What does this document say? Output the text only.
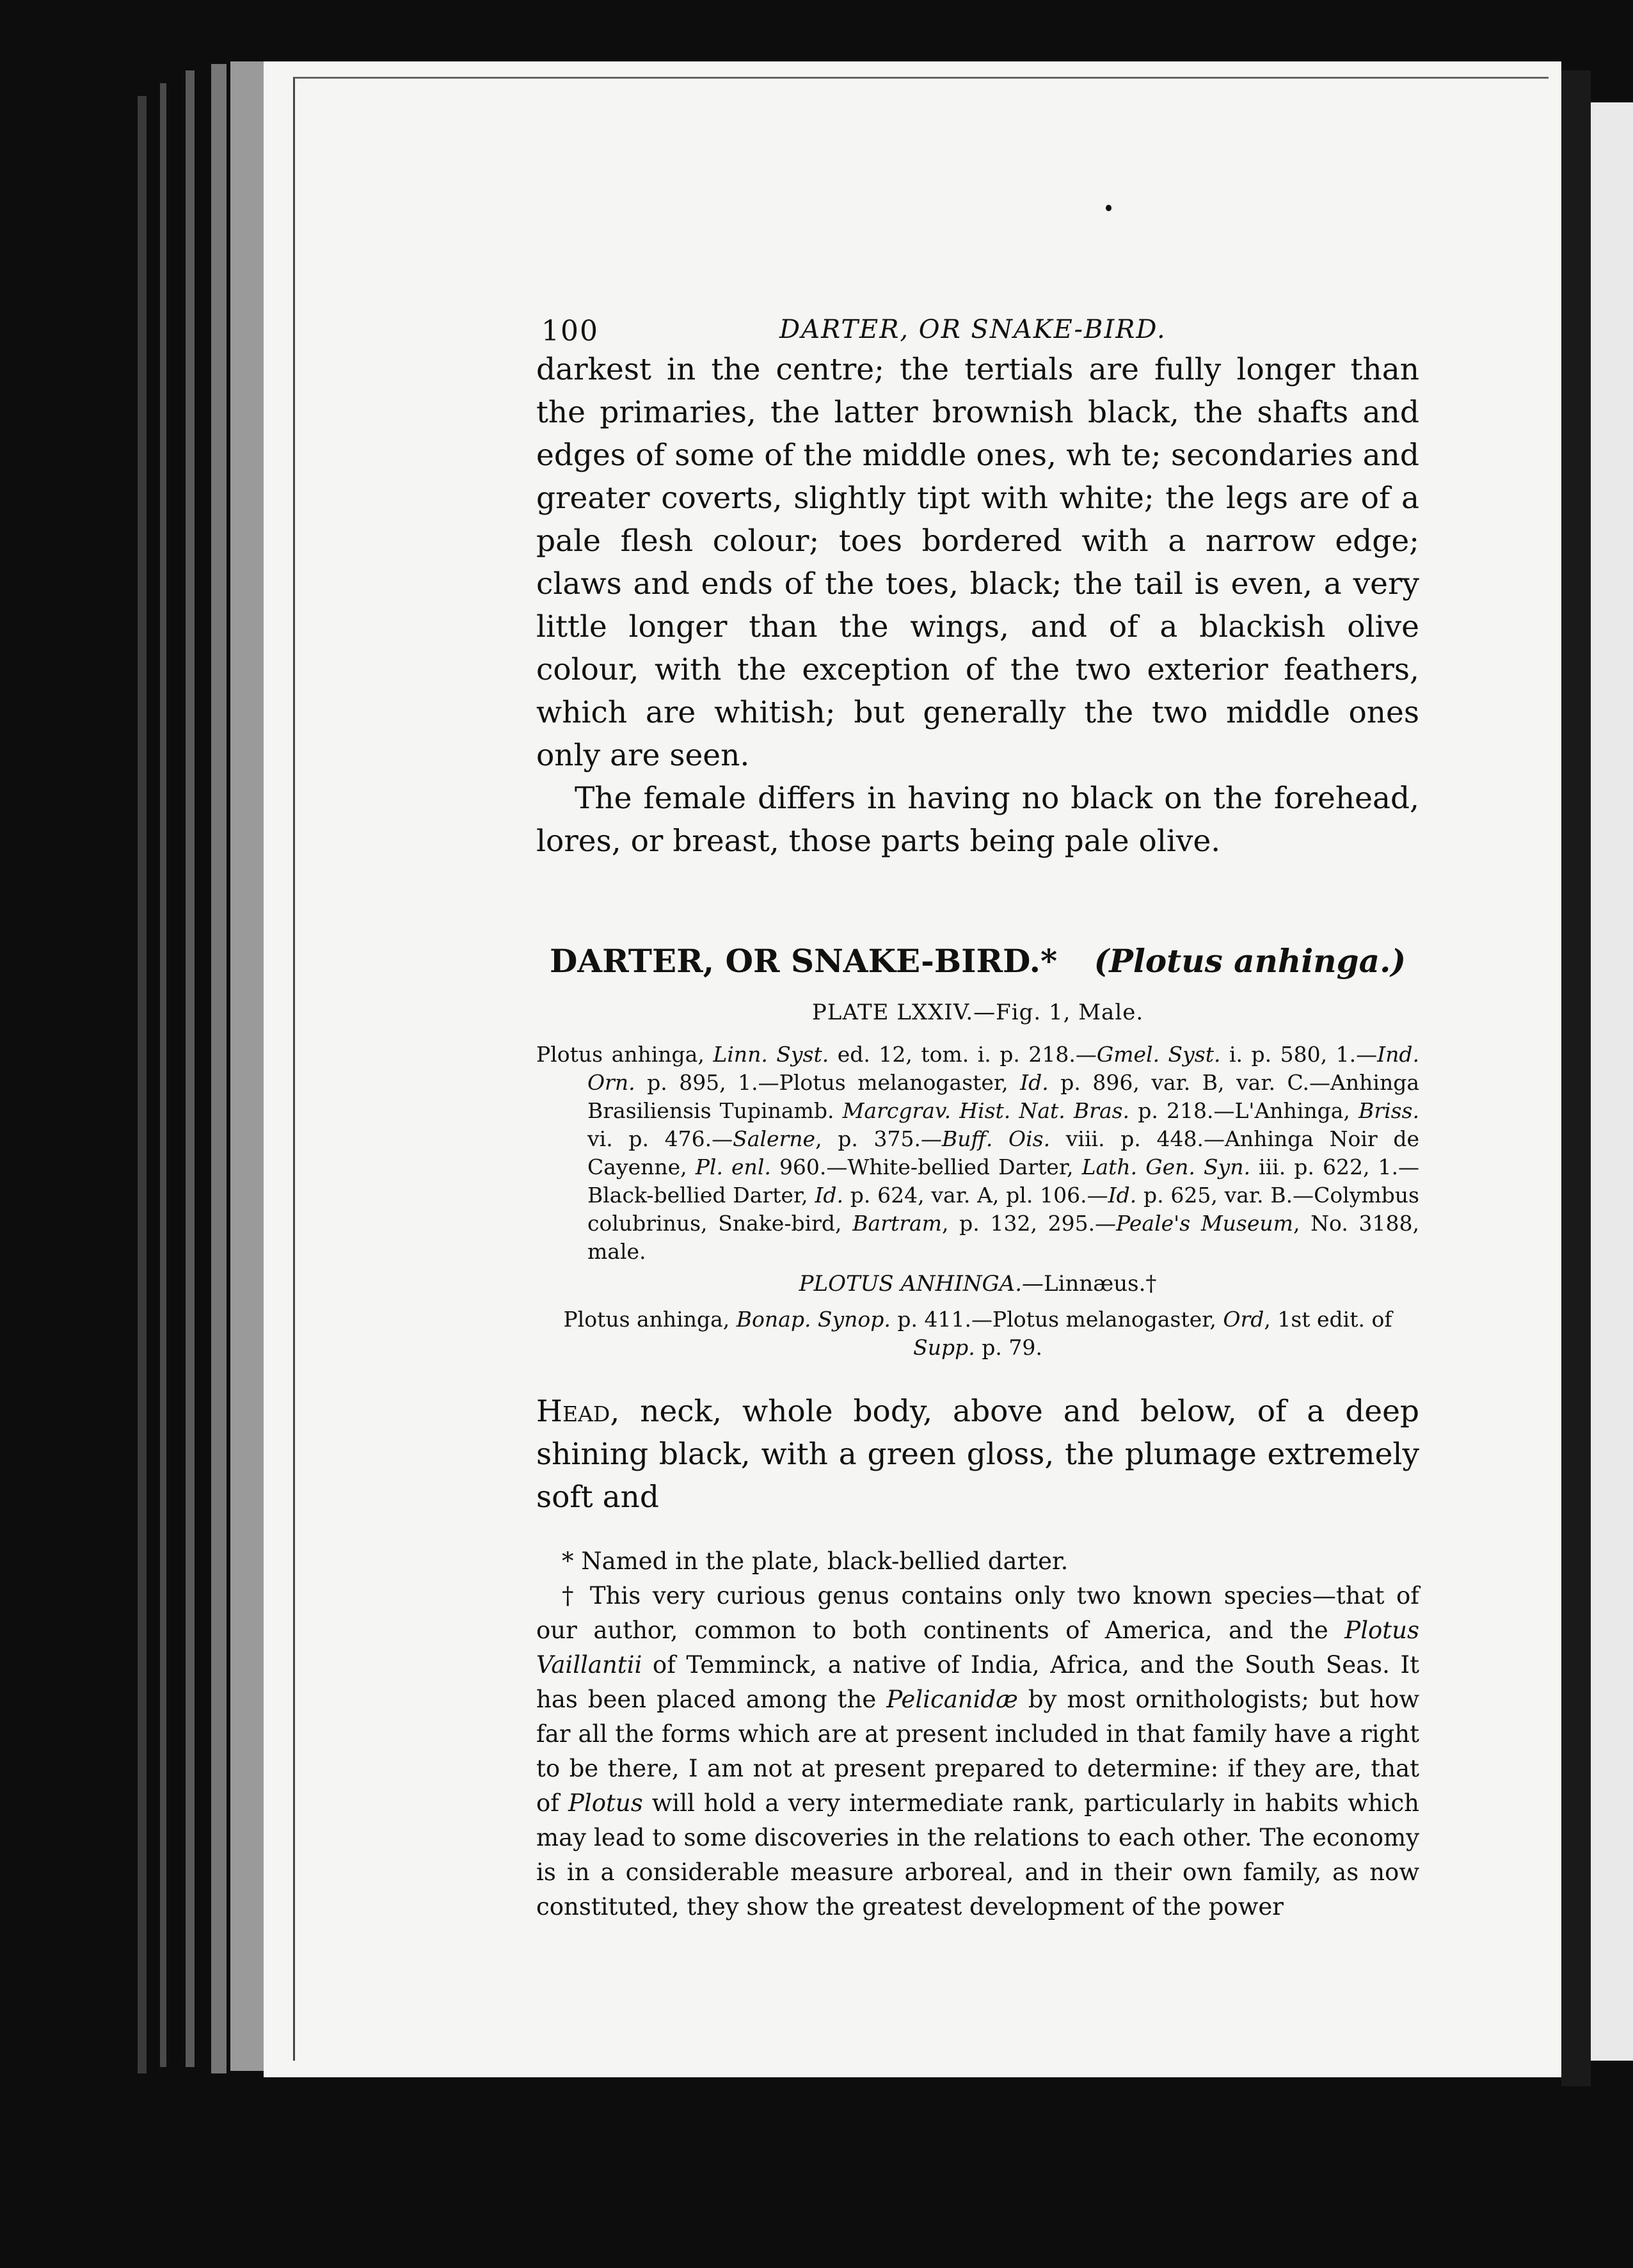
100	DARTER, OR SNAKE-BIRD.

darkest in the centre; the tertials are fully longer than the primaries, the latter brownish black, the shafts and edges of some of the middle ones, wh te; secondaries and greater coverts, slightly tipt with white; the legs are of a pale flesh colour; toes bordered with a narrow edge; claws and ends of the toes, black; the tail is even, a very little longer than the wings, and of a blackish olive colour, with the exception of the two exterior feathers, which are whitish; but generally the two middle ones only are seen.

The female differs in having no black on the forehead, lores, or breast, those parts being pale olive.

DARTER, OR SNAKE-BIRD.* (Plotus anhinga.)

PLATE LXXIV.—Fig. 1, Male.

Plotus anhinga, Linn. Syst. ed. 12, tom. i. p. 218.—Gmel. Syst. i. p. 580, 1.—Ind. Orn. p. 895, 1.—Plotus melanogaster, Id. p. 896, var. B, var. C.—Anhinga Brasiliensis Tupinamb. Marcgrav. Hist. Nat. Bras. p. 218.—L'Anhinga, Briss. vi. p. 476.—Salerne, p. 375.—Buff. Ois. viii. p. 448.—Anhinga Noir de Cayenne, Pl. enl. 960.—White-bellied Darter, Lath. Gen. Syn. iii. p. 622, 1.—Black-bellied Darter, Id. p. 624, var. A, pl. 106.—Id. p. 625, var. B.—Colymbus colubrinus, Snake-bird, Bartram, p. 132, 295.—Peale's Museum, No. 3188, male.

PLOTUS ANHINGA.—Linnæus.†

Plotus anhinga, Bonap. Synop. p. 411.—Plotus melanogaster, Ord, 1st edit. of Supp. p. 79.

Head, neck, whole body, above and below, of a deep shining black, with a green gloss, the plumage extremely soft and

* Named in the plate, black-bellied darter.

† This very curious genus contains only two known species—that of our author, common to both continents of America, and the Plotus Vaillantii of Temminck, a native of India, Africa, and the South Seas. It has been placed among the Pelicanidæ by most ornithologists; but how far all the forms which are at present included in that family have a right to be there, I am not at present prepared to determine: if they are, that of Plotus will hold a very intermediate rank, particularly in habits which may lead to some discoveries in the relations to each other. The economy is in a considerable measure arboreal, and in their own family, as now constituted, they show the greatest development of the power
